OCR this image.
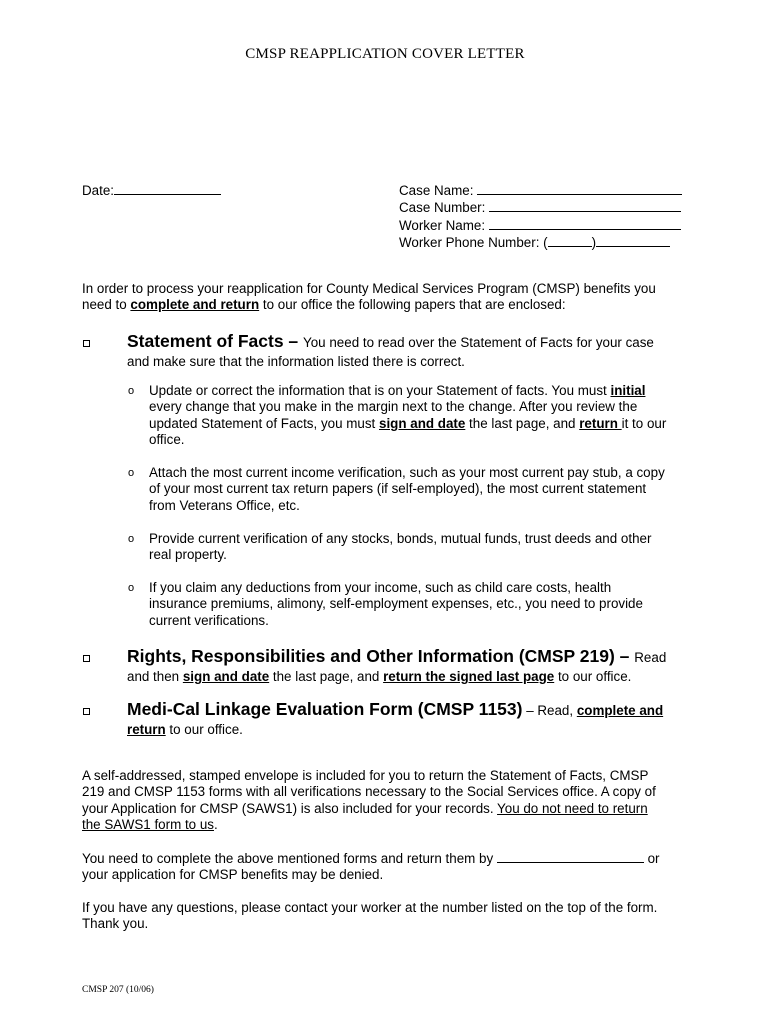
CMSP REAPPLICATION COVER LETTER
Date:	Case Name:
Case Number:
Worker Name:
Worker Phone Number: (	)
In order to process your reapplication for County Medical Services Program (CMSP) benefits you
need to complete and return to our office the following papers that are enclosed:
Statement of Facts – You need to read over the Statement of Facts for your case
and make sure that the information listed there is correct.
o Update or correct the information that is on your Statement of facts. You must initial
every change that you make in the margin next to the change. After you review the
updated Statement of Facts, you must sign and date the last page, and return it to our
office.
o Attach the most current income verification, such as your most current pay stub, a copy
of your most current tax return papers (if self-employed), the most current statement
from Veterans Office, etc.
o Provide current verification of any stocks, bonds, mutual funds, trust deeds and other
real property.
o If you claim any deductions from your income, such as child care costs, health
insurance premiums, alimony, self-employment expenses, etc., you need to provide
current verifications.
Rights, Responsibilities and Other Information (CMSP 219) – Read
and then sign and date the last page, and return the signed last page to our office.
Medi-Cal Linkage Evaluation Form (CMSP 1153) – Read, complete and
return to our office.
A self-addressed, stamped envelope is included for you to return the Statement of Facts, CMSP
219 and CMSP 1153 forms with all verifications necessary to the Social Services office. A copy of
your Application for CMSP (SAWS1) is also included for your records. You do not need to return
the SAWS1 form to us.
You need to complete the above mentioned forms and return them by	or
your application for CMSP benefits may be denied.
If you have any questions, please contact your worker at the number listed on the top of the form.
Thank you.
CMSP 207 (10/06)
